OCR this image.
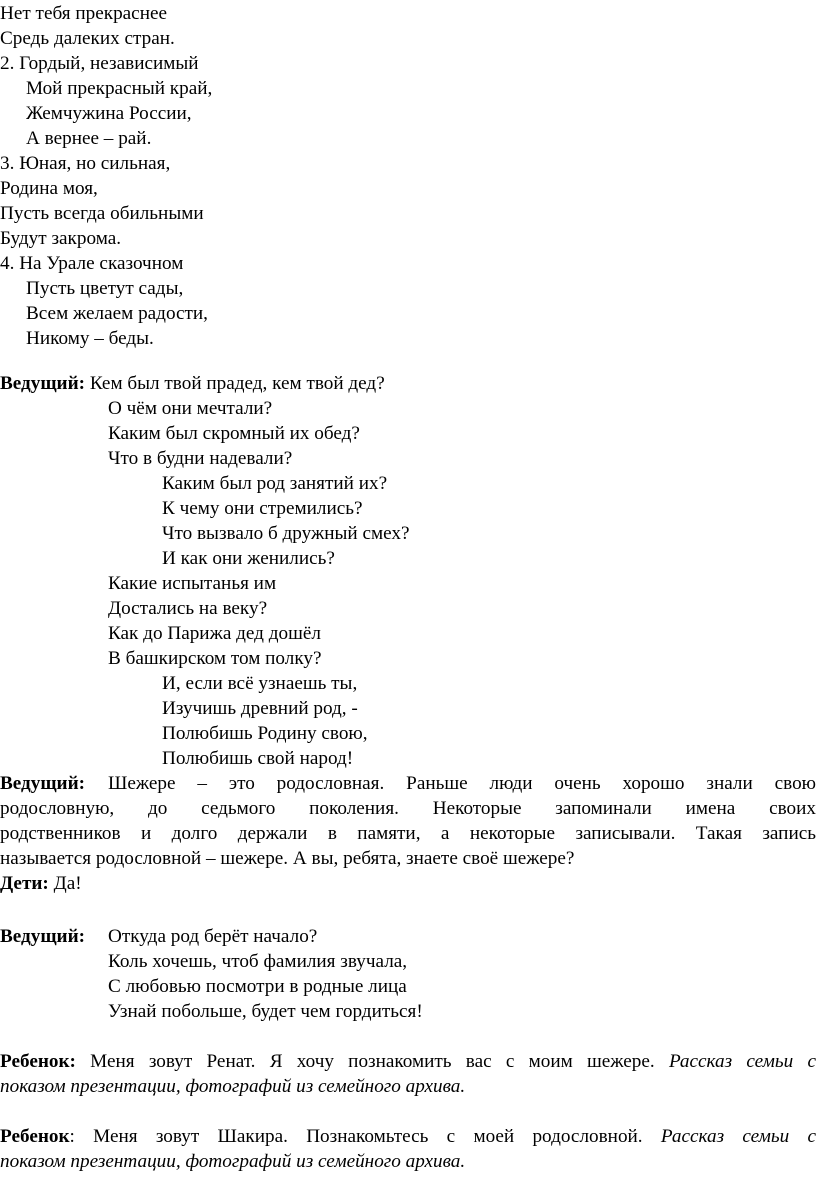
Нет тебя прекраснее
Средь далеких стран.
2. Гордый, независимый
Мой прекрасный край,
Жемчужина России,
А вернее – рай.
3. Юная, но сильная,
Родина моя,
Пусть всегда обильными
Будут закрома.
4. На Урале сказочном
Пусть цветут сады,
Всем желаем радости,
Никому – беды.
Ведущий: Кем был твой прадед, кем твой дед?
О чём они мечтали?
Каким был скромный их обед?
Что в будни надевали?
Каким был род занятий их?
К чему они стремились?
Что вызвало б дружный смех?
И как они женились?
Какие испытанья им
Достались на веку?
Как до Парижа дед дошёл
В башкирском том полку?
И, если всё узнаешь ты,
Изучишь древний род, -
Полюбишь Родину свою,
Полюбишь свой народ!
Ведущий: Шежере – это родословная. Раньше люди очень хорошо знали свою
родословную, до седьмого поколения. Некоторые запоминали имена своих
родственников и долго держали в памяти, а некоторые записывали. Такая запись
называется родословной – шежере. А вы, ребята, знаете своё шежере?
Дети: Да!
Ведущий: Откуда род берёт начало?
Коль хочешь, чтоб фамилия звучала,
С любовью посмотри в родные лица
Узнай побольше, будет чем гордиться!
Ребенок: Меня зовут Ренат. Я хочу познакомить вас с моим шежере. Рассказ семьи с
показом презентации, фотографий из семейного архива.
Ребенок: Меня зовут Шакира. Познакомьтесь с моей родословной. Рассказ семьи с
показом презентации, фотографий из семейного архива.
